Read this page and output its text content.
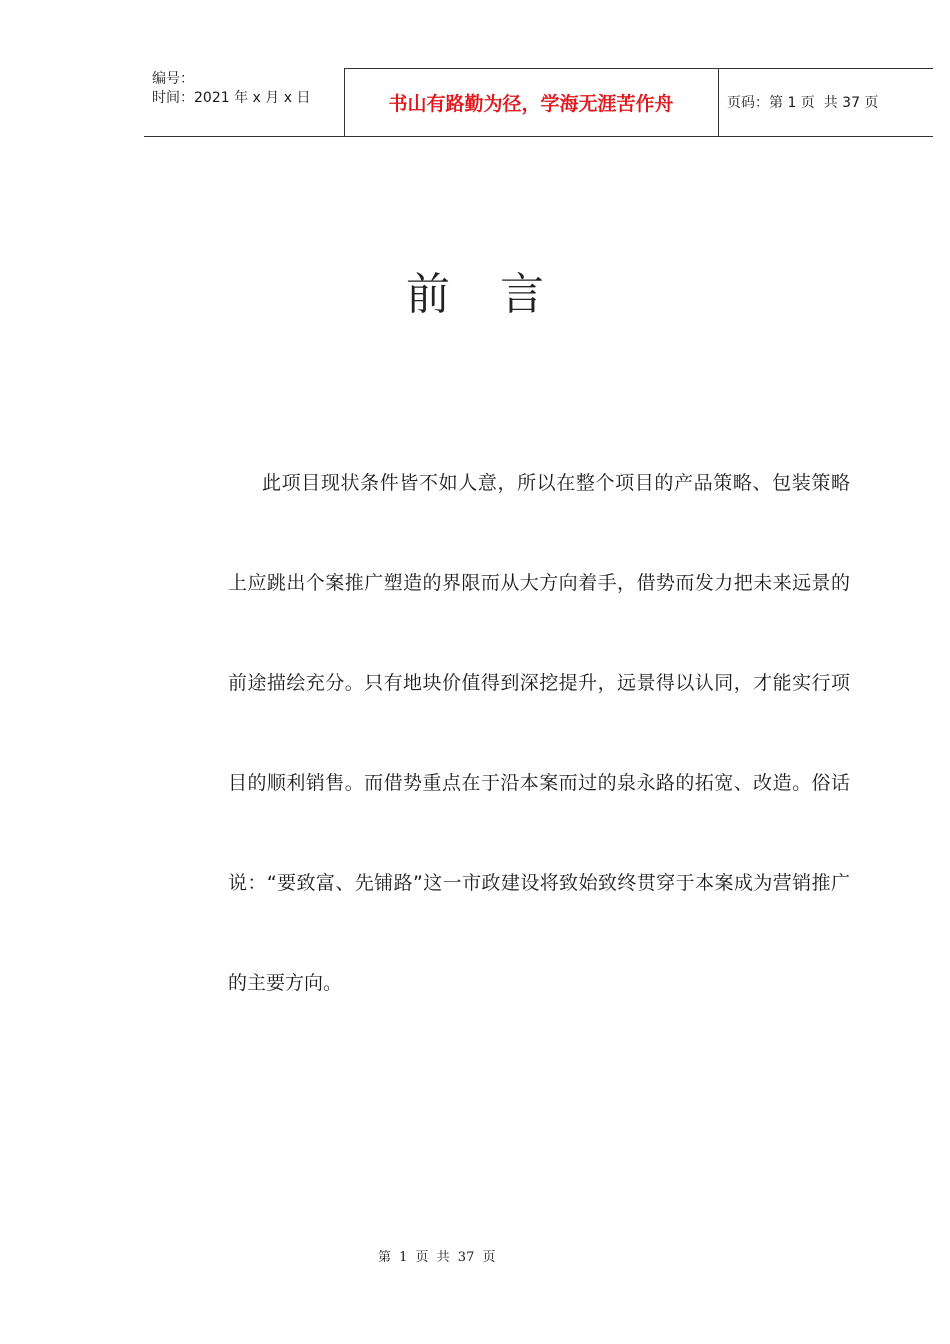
编号：
时间：2021 年 x 月 x 日	书山有路勤为径，学海无涯苦作舟	页码：第 1 页  共 37 页
前言

此项目现状条件皆不如人意，所以在整个项目的产品策略、包装策略上应跳出个案推广塑造的界限而从大方向着手，借势而发力把未来远景的前途描绘充分。只有地块价值得到深挖提升，远景得以认同，才能实行项目的顺利销售。而借势重点在于沿本案而过的泉永路的拓宽、改造。俗话说：“要致富、先铺路”这一市政建设将致始致终贯穿于本案成为营销推广的主要方向。

第 1 页 共 37 页
